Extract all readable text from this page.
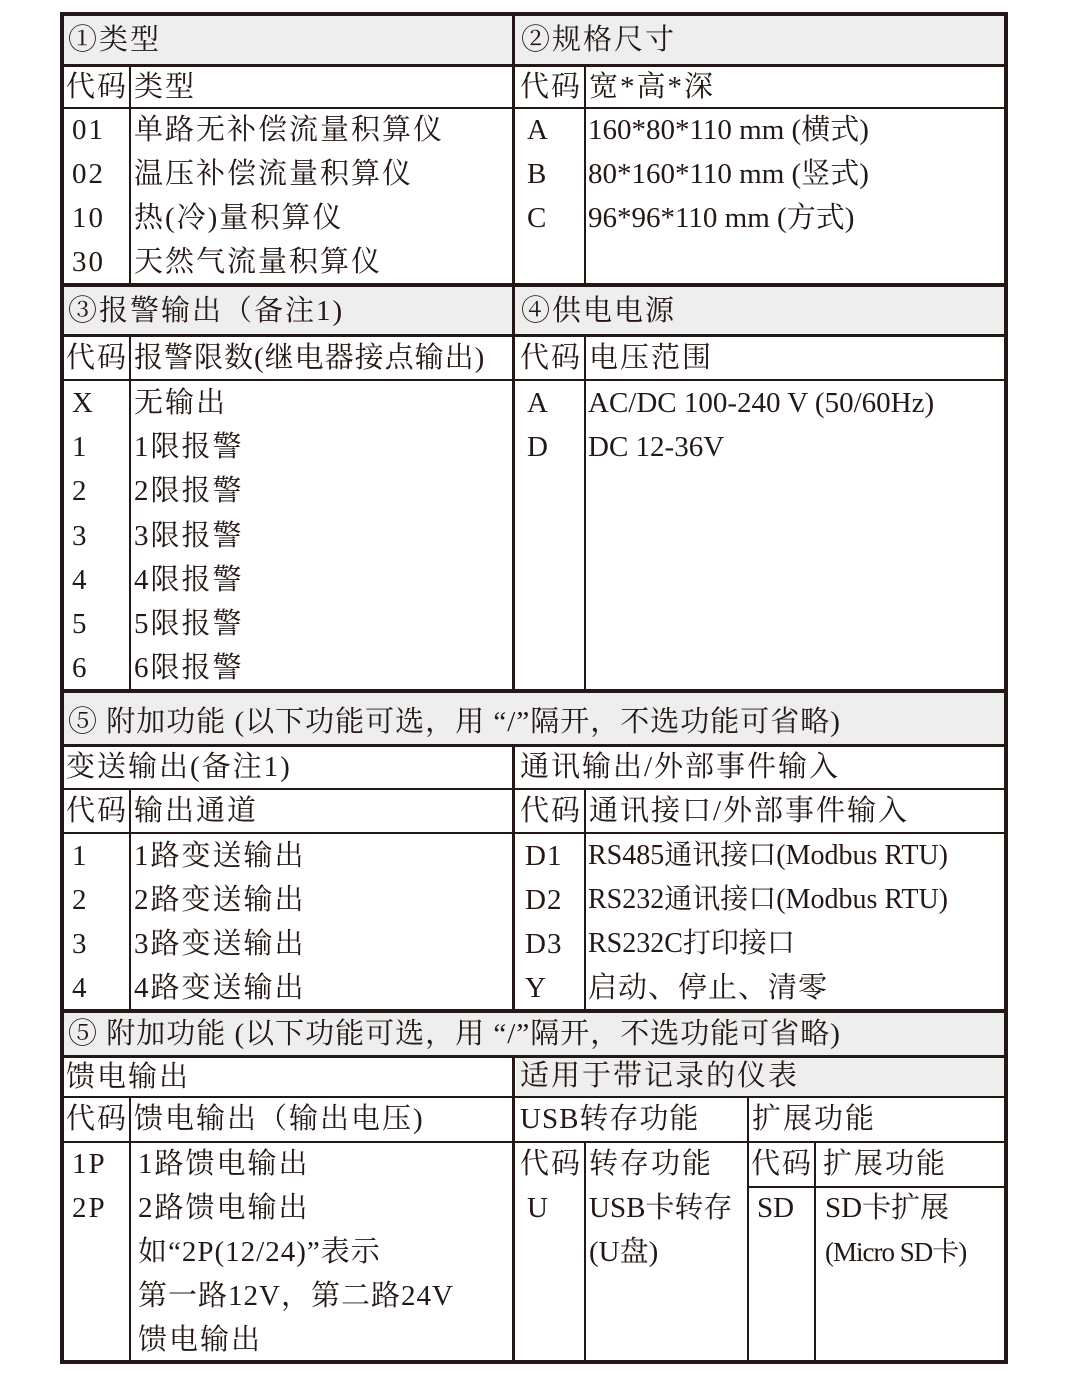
①类型
代码 类型
01 单路无补偿流量积算仪
02 温压补偿流量积算仪
10 热(冷)量积算仪
30 天然气流量积算仪
②规格尺寸
代码 宽*高*深
A 160*80*110 mm (横式)
B 80*160*110 mm (竖式)
C 96*96*110 mm (方式)
③报警输出（备注1)
代码 报警限数(继电器接点输出)
X 无输出
1 1限报警
2 2限报警
3 3限报警
4 4限报警
5 5限报警
6 6限报警
④供电电源
代码 电压范围
A AC/DC 100-240 V (50/60Hz)
D DC 12-36V
⑤ 附加功能 (以下功能可选，用 “/”隔开，不选功能可省略)
变送输出(备注1)
代码 输出通道
1 1路变送输出
2 2路变送输出
3 3路变送输出
4 4路变送输出
通讯输出/外部事件输入
代码 通讯接口/外部事件输入
D1 RS485通讯接口(Modbus RTU)
D2 RS232通讯接口(Modbus RTU)
D3 RS232C打印接口
Y 启动、停止、清零
⑤ 附加功能 (以下功能可选，用 “/”隔开，不选功能可省略)
馈电输出
代码 馈电输出（输出电压)
1P 1路馈电输出
2P 2路馈电输出
如“2P(12/24)”表示
第一路12V，第二路24V
馈电输出
适用于带记录的仪表
USB转存功能 扩展功能
代码 转存功能 代码 扩展功能
U USB卡转存
(U盘)
SD SD卡扩展
(Micro SD卡)
